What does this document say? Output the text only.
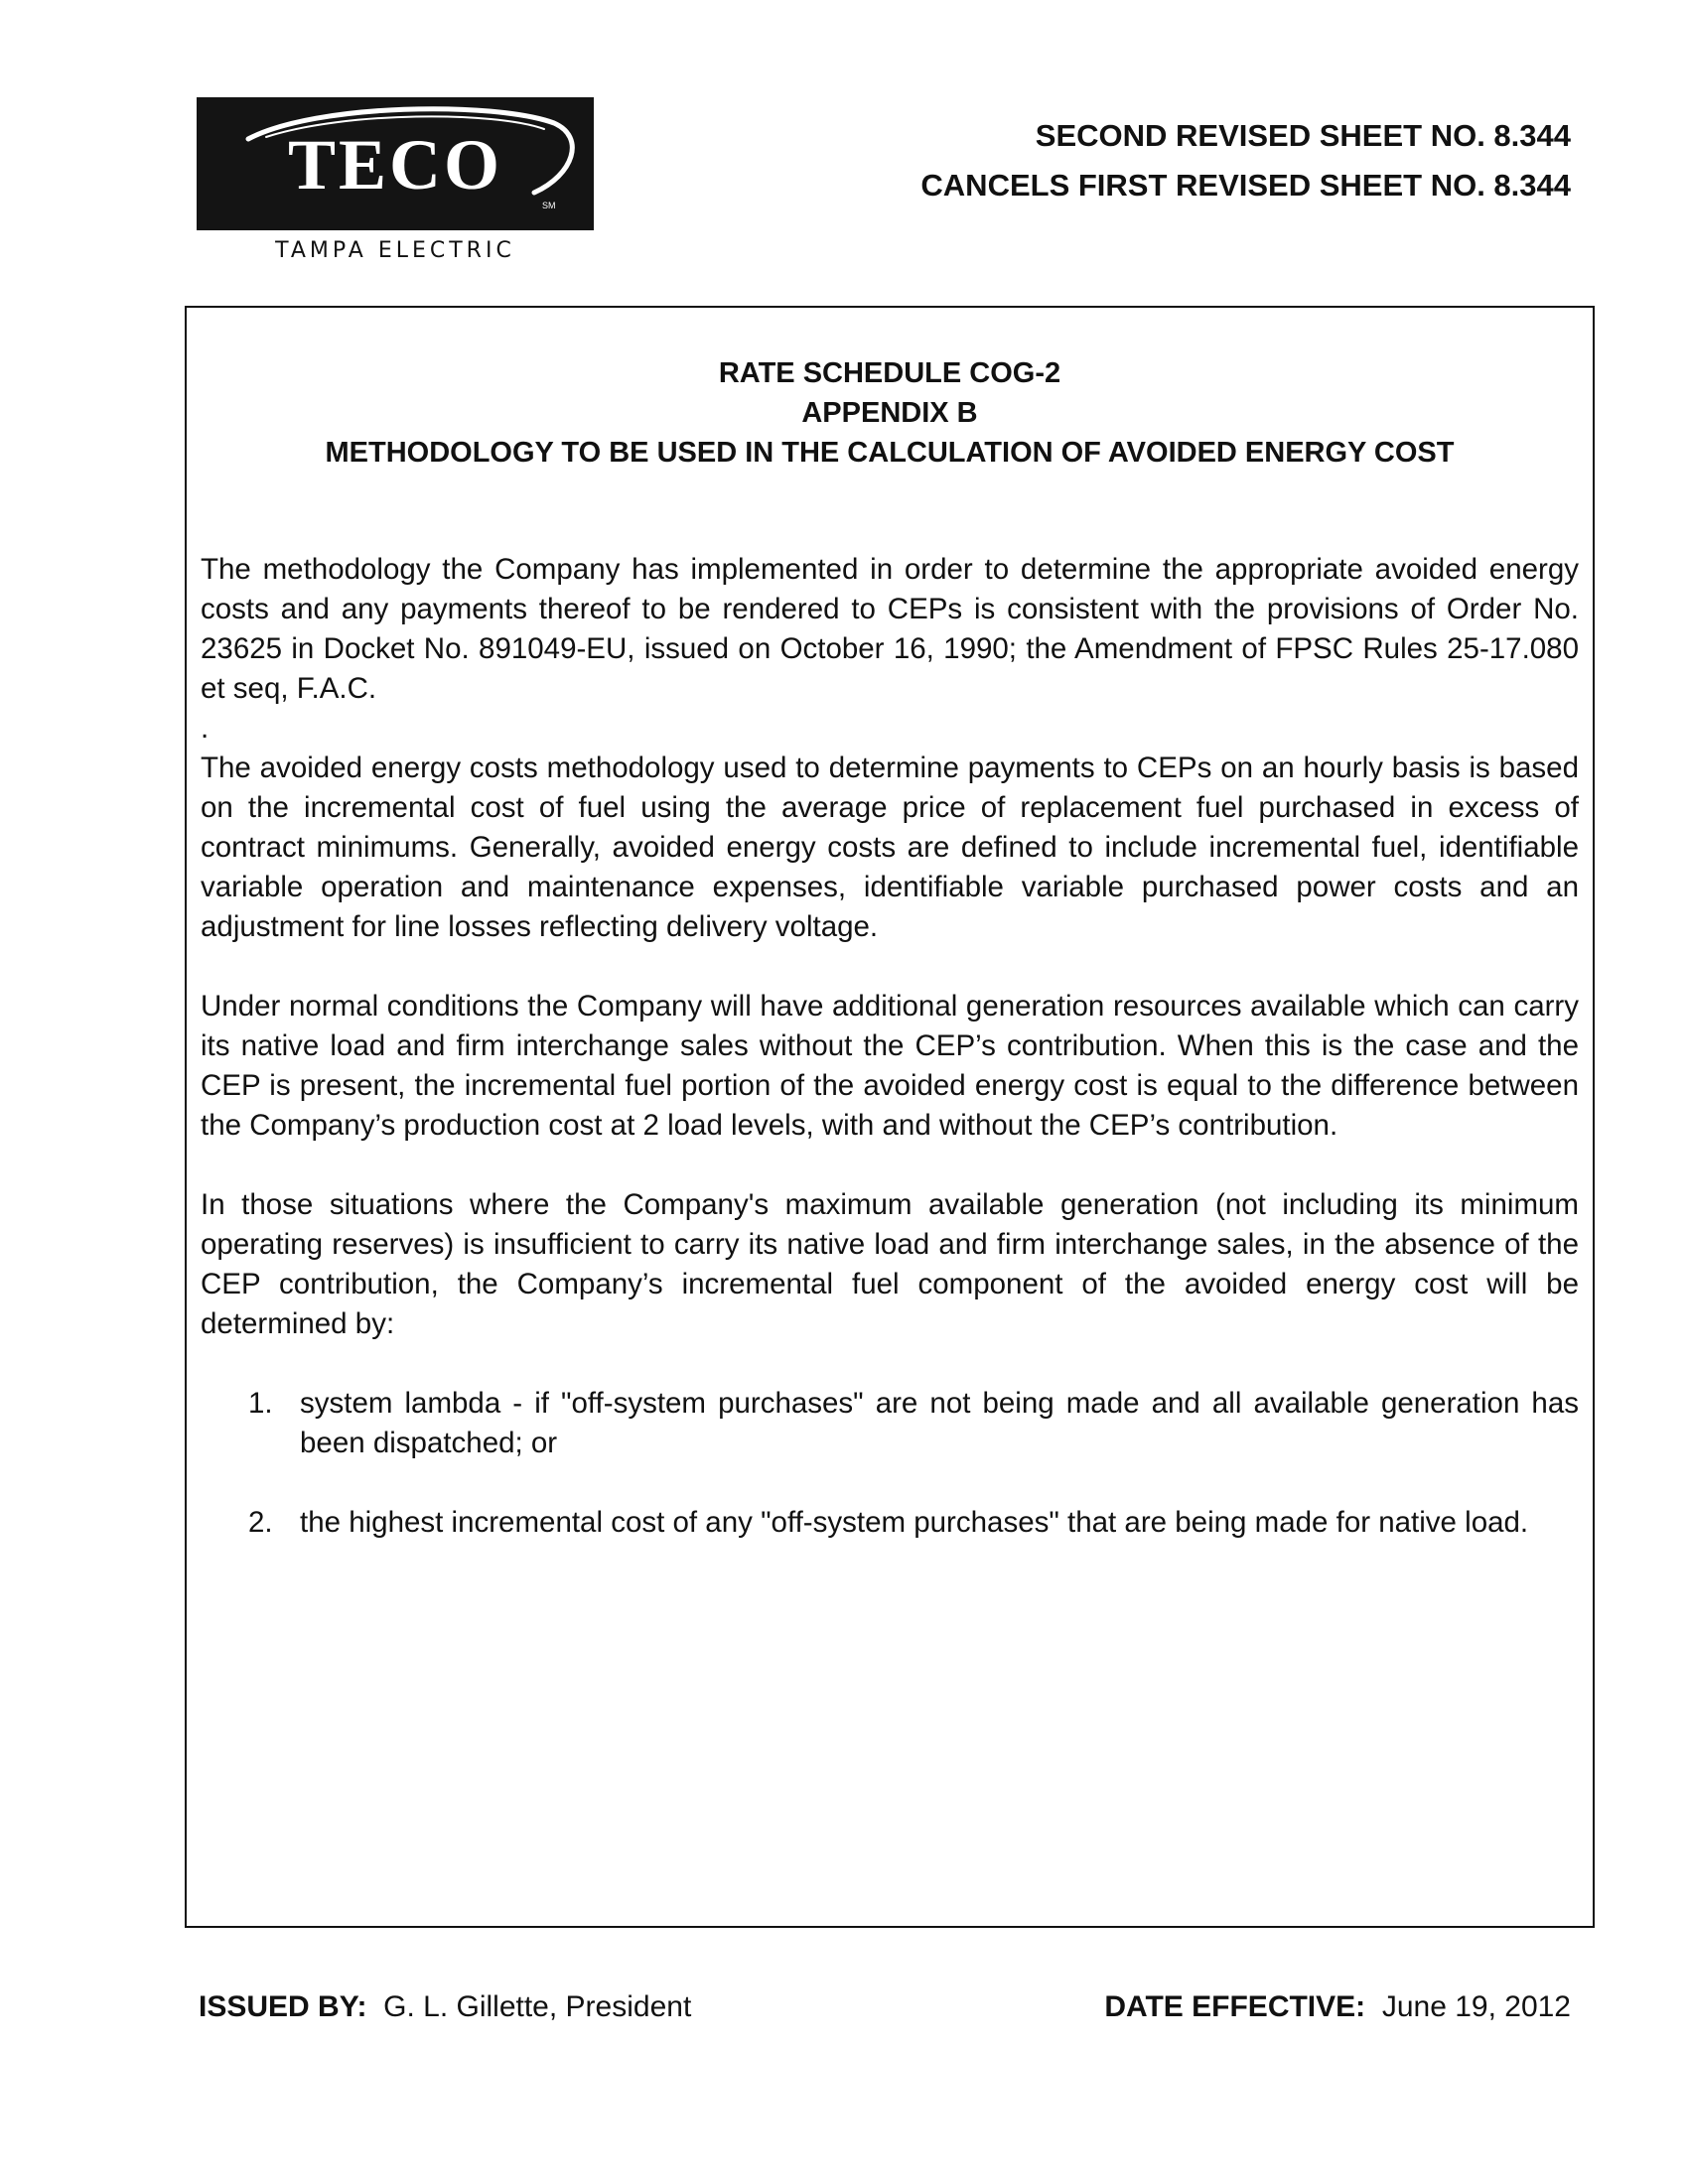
TECO
SM
TAMPA ELECTRIC
SECOND REVISED SHEET NO. 8.344
CANCELS FIRST REVISED SHEET NO. 8.344
RATE SCHEDULE COG-2
APPENDIX B
METHODOLOGY TO BE USED IN THE CALCULATION OF AVOIDED ENERGY COST

The methodology the Company has implemented in order to determine the appropriate avoided energy costs and any payments thereof to be rendered to CEPs is consistent with the provisions of Order No. 23625 in Docket No. 891049-EU, issued on October 16, 1990; the Amendment of FPSC Rules 25-17.080 et seq, F.A.C.

.

The avoided energy costs methodology used to determine payments to CEPs on an hourly basis is based on the incremental cost of fuel using the average price of replacement fuel purchased in excess of contract minimums. Generally, avoided energy costs are defined to include incremental fuel, identifiable variable operation and maintenance expenses, identifiable variable purchased power costs and an adjustment for line losses reflecting delivery voltage.

Under normal conditions the Company will have additional generation resources available which can carry its native load and firm interchange sales without the CEP’s contribution. When this is the case and the CEP is present, the incremental fuel portion of the avoided energy cost is equal to the difference between the Company’s production cost at 2 load levels, with and without the CEP’s contribution.

In those situations where the Company's maximum available generation (not including its minimum operating reserves) is insufficient to carry its native load and firm interchange sales, in the absence of the CEP contribution, the Company’s incremental fuel component of the avoided energy cost will be determined by:

1. system lambda - if "off-system purchases" are not being made and all available generation has been dispatched; or
2. the highest incremental cost of any "off-system purchases" that are being made for native load.
ISSUED BY: G. L. Gillette, President	DATE EFFECTIVE: June 19, 2012
